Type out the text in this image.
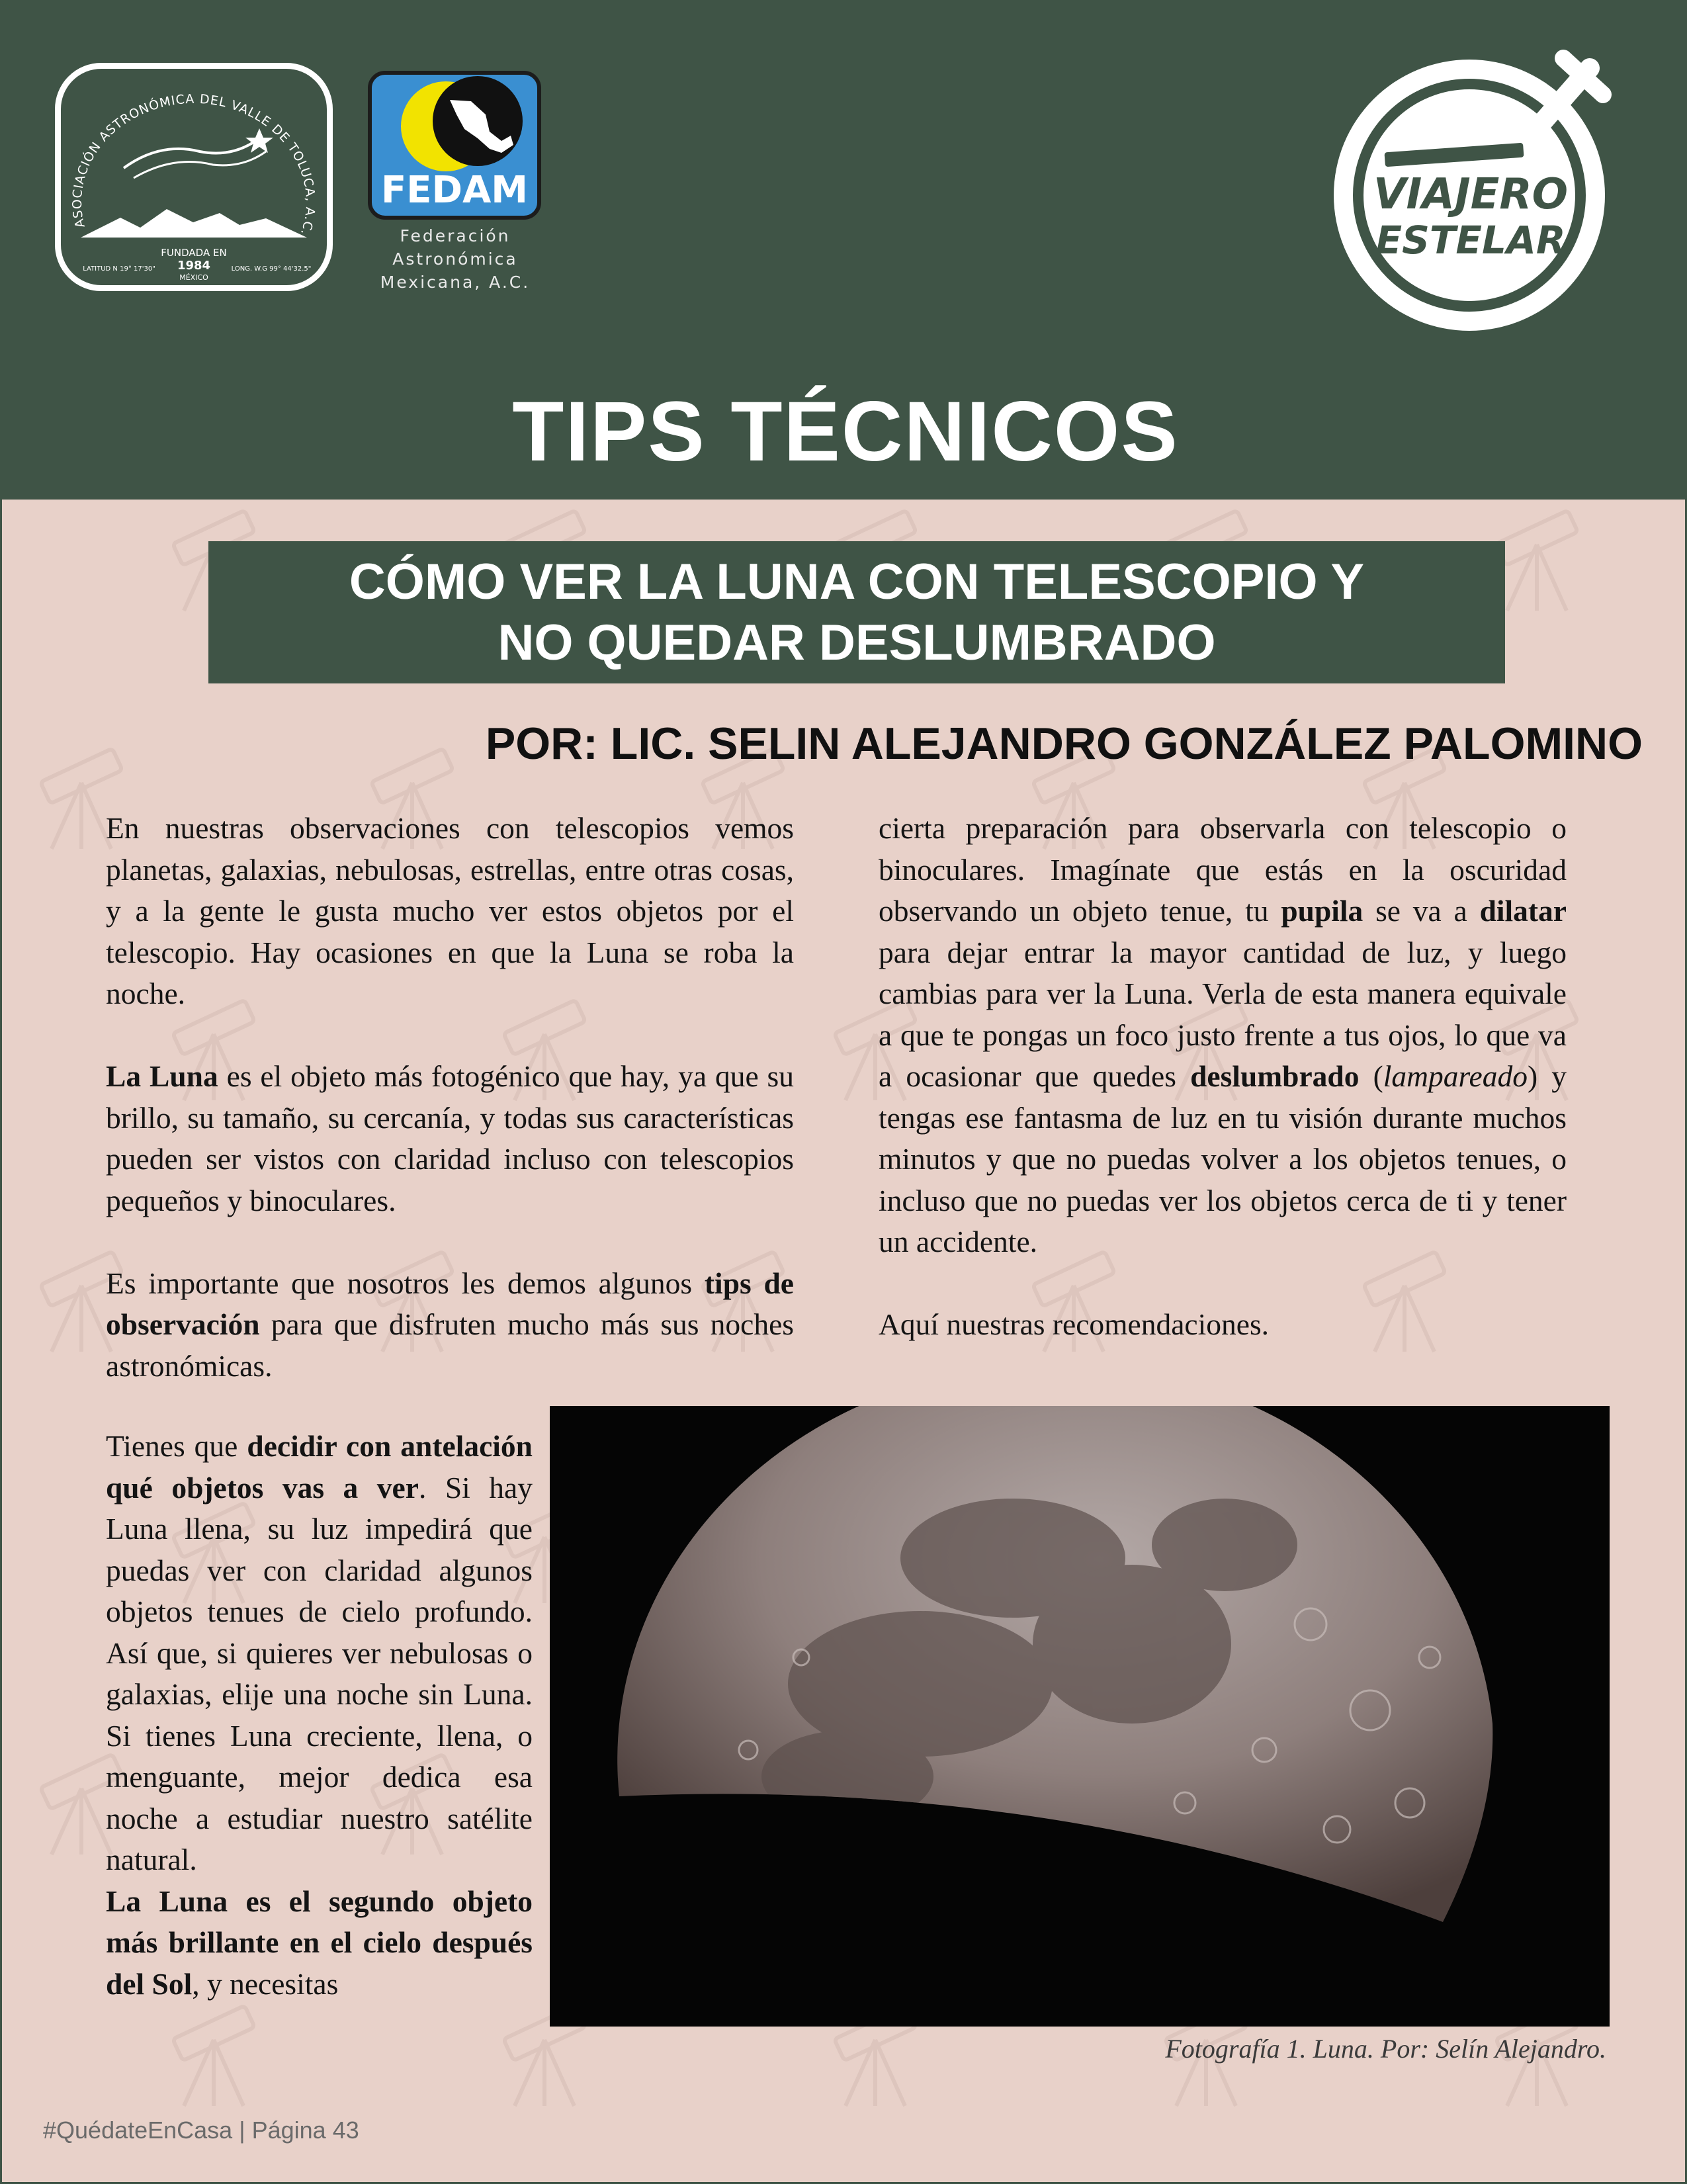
ASOCIACIÓN ASTRONÓMICA DEL VALLE DE TOLUCA, A.C.
FUNDADA EN
1984
MÉXICO
LATITUD N 19° 17'30"	LONG. W.G 99° 44'32.5"
FEDAM
Federación
Astronómica
Mexicana, A.C.
VIAJERO
ESTELAR
TIPS TÉCNICOS
CÓMO VER LA LUNA CON TELESCOPIO Y
NO QUEDAR DESLUMBRADO
POR: LIC. SELIN ALEJANDRO GONZÁLEZ PALOMINO

En nuestras observaciones con telescopios vemos planetas, galaxias, nebulosas, estrellas, entre otras cosas, y a la gente le gusta mucho ver estos objetos por el telescopio. Hay ocasiones en que la Luna se roba la noche.

La Luna es el objeto más fotogénico que hay, ya que su brillo, su tamaño, su cercanía, y todas sus características pueden ser vistos con claridad incluso con telescopios pequeños y binoculares.

Es importante que nosotros les demos algunos tips de observación para que disfruten mucho más sus noches astronómicas.

cierta preparación para observarla con telescopio o binoculares. Imagínate que estás en la oscuridad observando un objeto tenue, tu pupila se va a dilatar para dejar entrar la mayor cantidad de luz, y luego cambias para ver la Luna. Verla de esta manera equivale a que te pongas un foco justo frente a tus ojos, lo que va a ocasionar que quedes deslumbrado (lampareado) y tengas ese fantasma de luz en tu visión durante muchos minutos y que no puedas volver a los objetos tenues, o incluso que no puedas ver los objetos cerca de ti y tener un accidente.

Aquí nuestras recomendaciones.

Tienes que decidir con antelación qué objetos vas a ver. Si hay Luna llena, su luz impedirá que puedas ver con claridad algunos objetos tenues de cielo profundo. Así que, si quieres ver nebulosas o galaxias, elije una noche sin Luna. Si tienes Luna creciente, llena, o menguante, mejor dedica esa noche a estudiar nuestro satélite natural.

La Luna es el segundo objeto más brillante en el cielo después del Sol, y necesitas

Fotografía 1. Luna. Por: Selín Alejandro.
#QuédateEnCasa | Página 43
